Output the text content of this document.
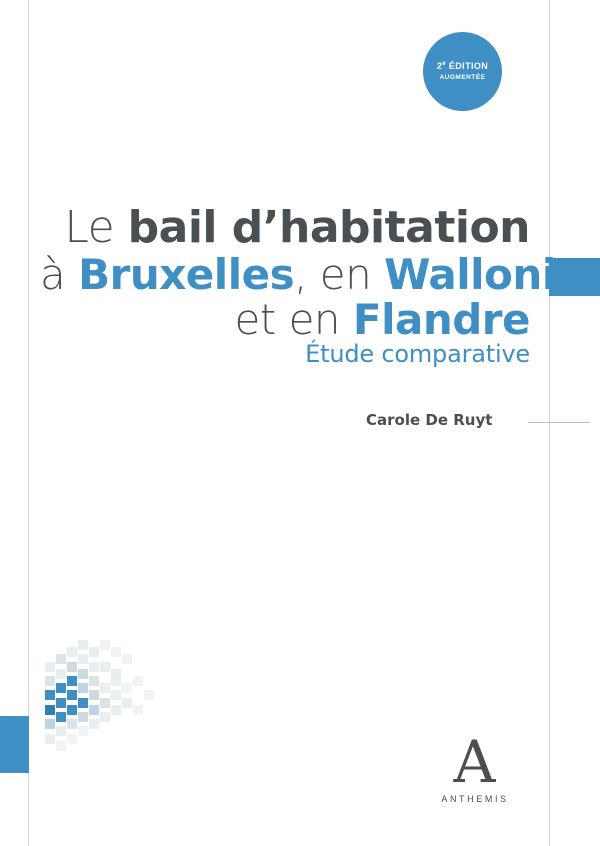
2e ÉDITION
AUGMENTÉE
Le bail d’habitation
à Bruxelles, en Wallonie
et en Flandre
Étude comparative
Carole De Ruyt
A
ANTHEMIS
